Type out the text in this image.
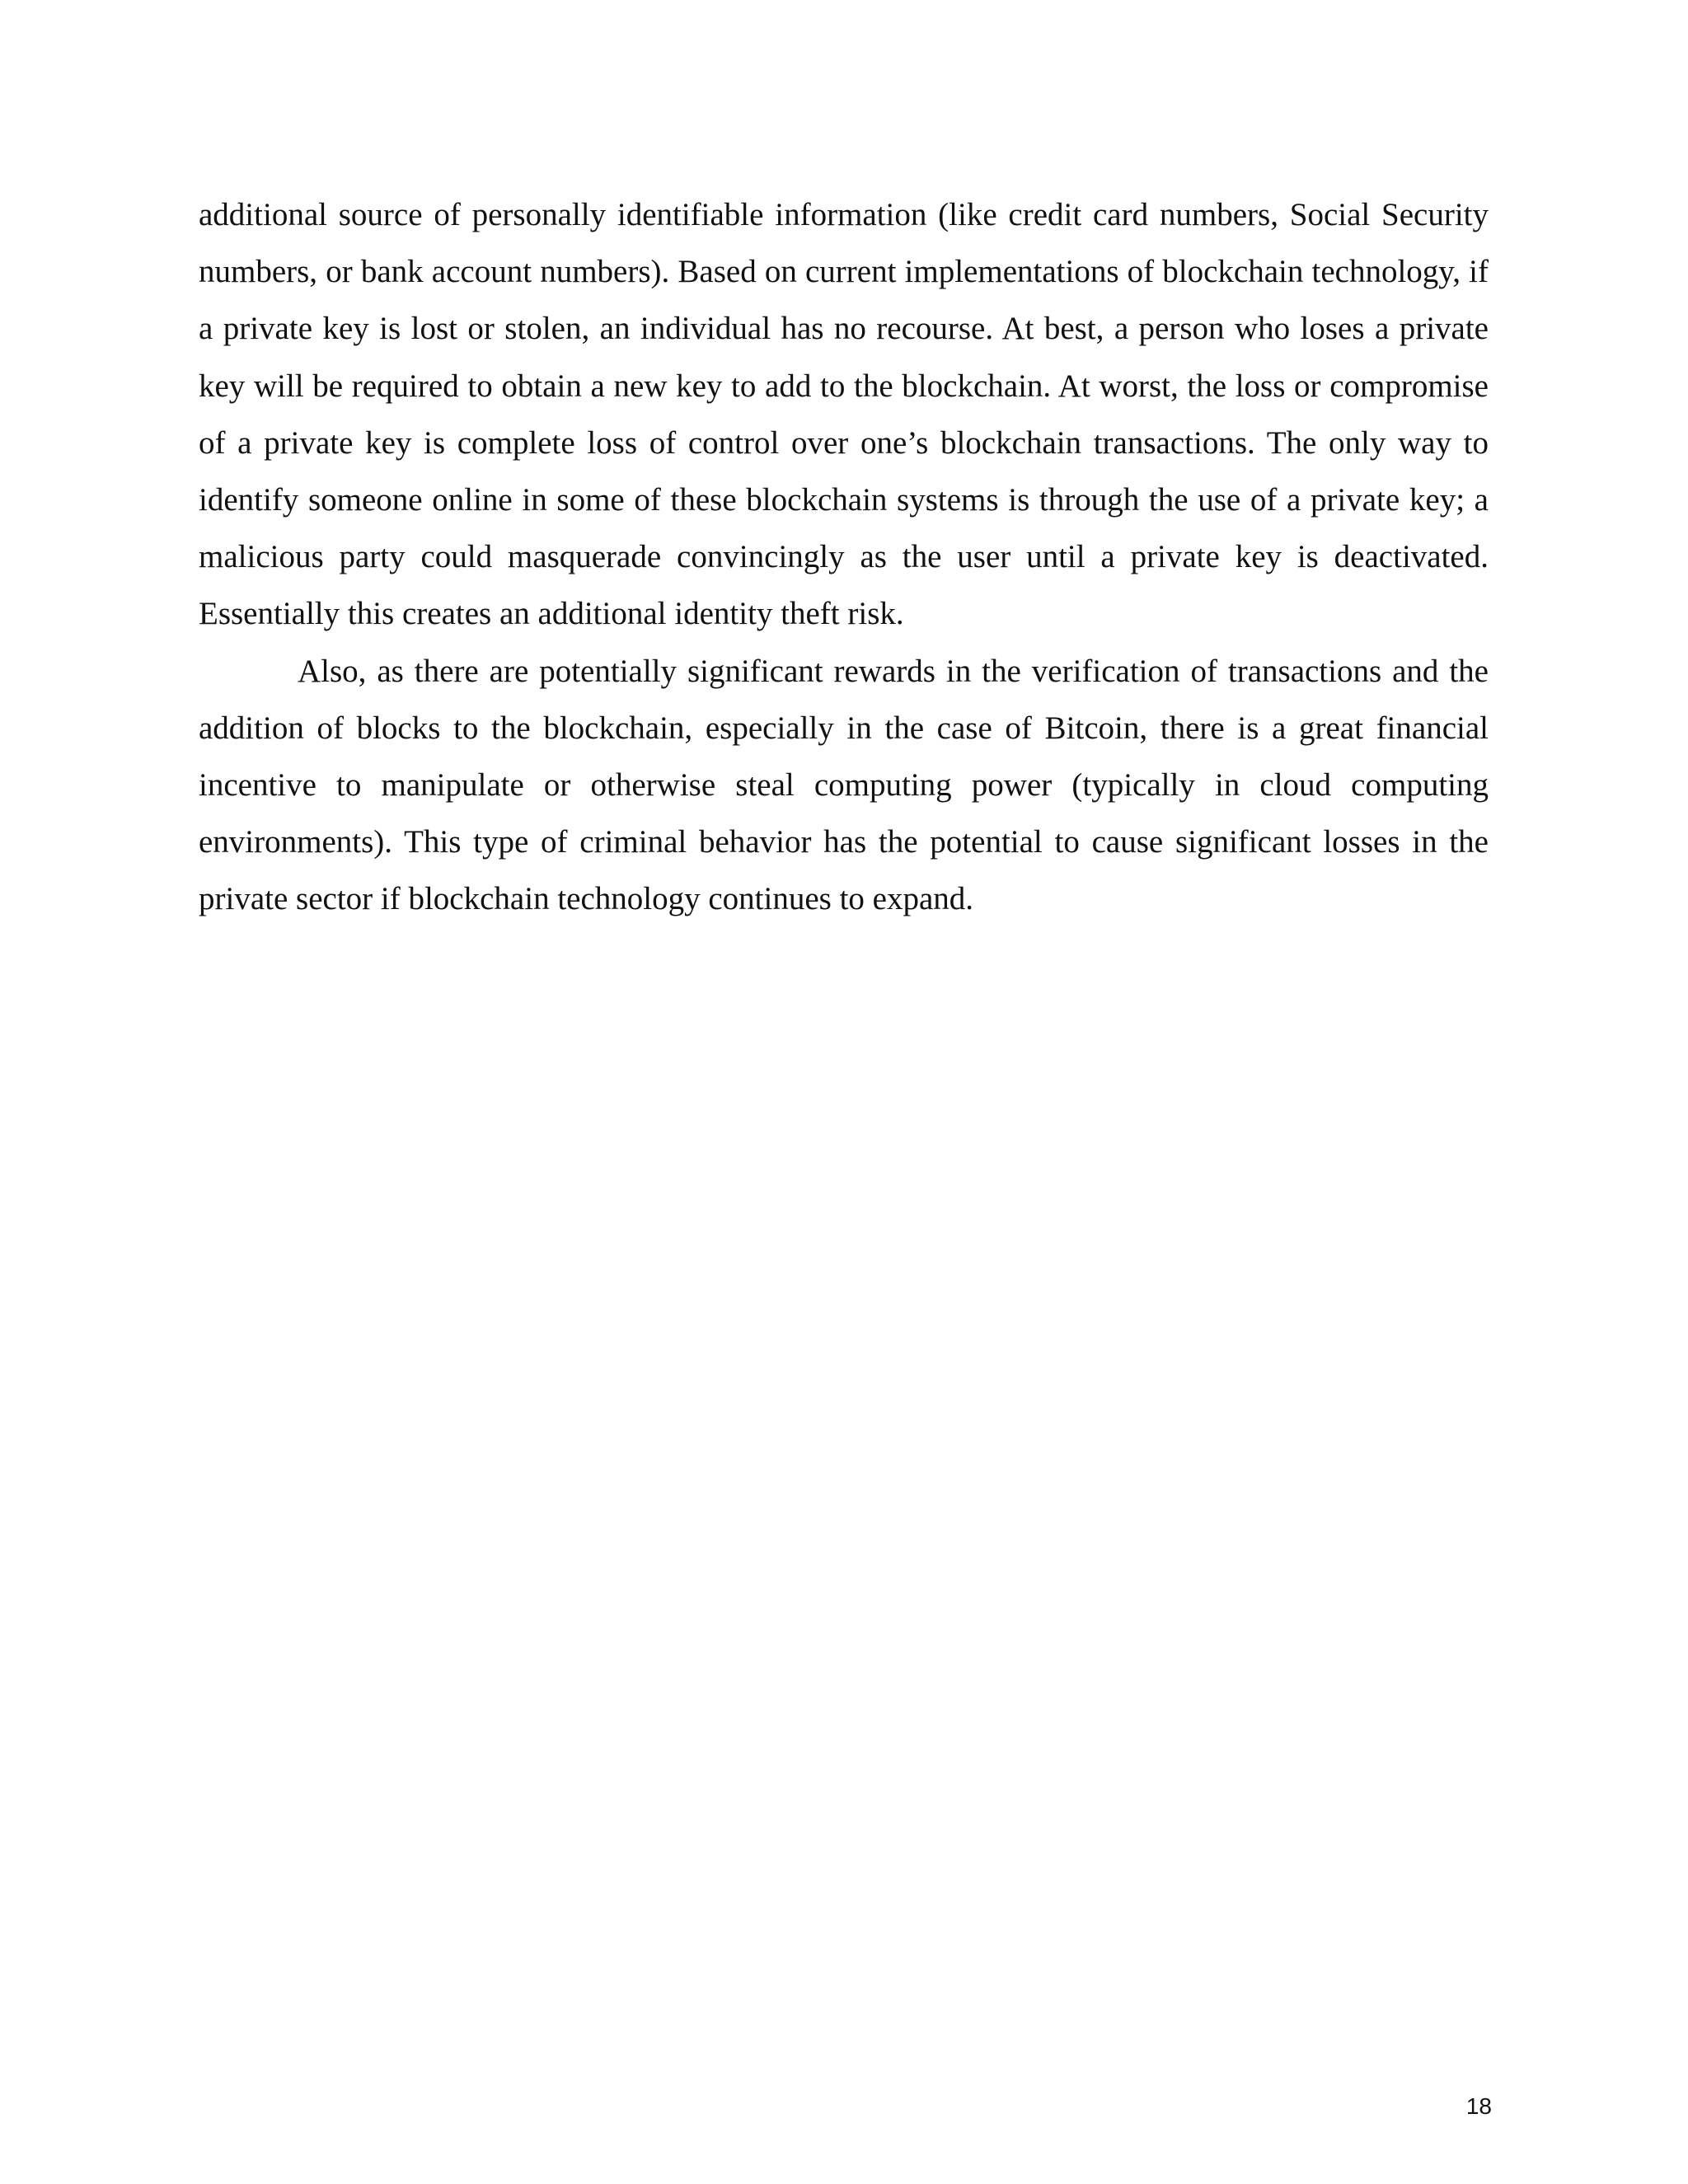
additional source of personally identifiable information (like credit card numbers, Social Security numbers, or bank account numbers). Based on current implementations of blockchain technology, if a private key is lost or stolen, an individual has no recourse. At best, a person who loses a private key will be required to obtain a new key to add to the blockchain. At worst, the loss or compromise of a private key is complete loss of control over one’s blockchain transactions. The only way to identify someone online in some of these blockchain systems is through the use of a private key; a malicious party could masquerade convincingly as the user until a private key is deactivated. Essentially this creates an additional identity theft risk.

Also, as there are potentially significant rewards in the verification of transactions and the addition of blocks to the blockchain, especially in the case of Bitcoin, there is a great financial incentive to manipulate or otherwise steal computing power (typically in cloud computing environments). This type of criminal behavior has the potential to cause significant losses in the private sector if blockchain technology continues to expand.

18
